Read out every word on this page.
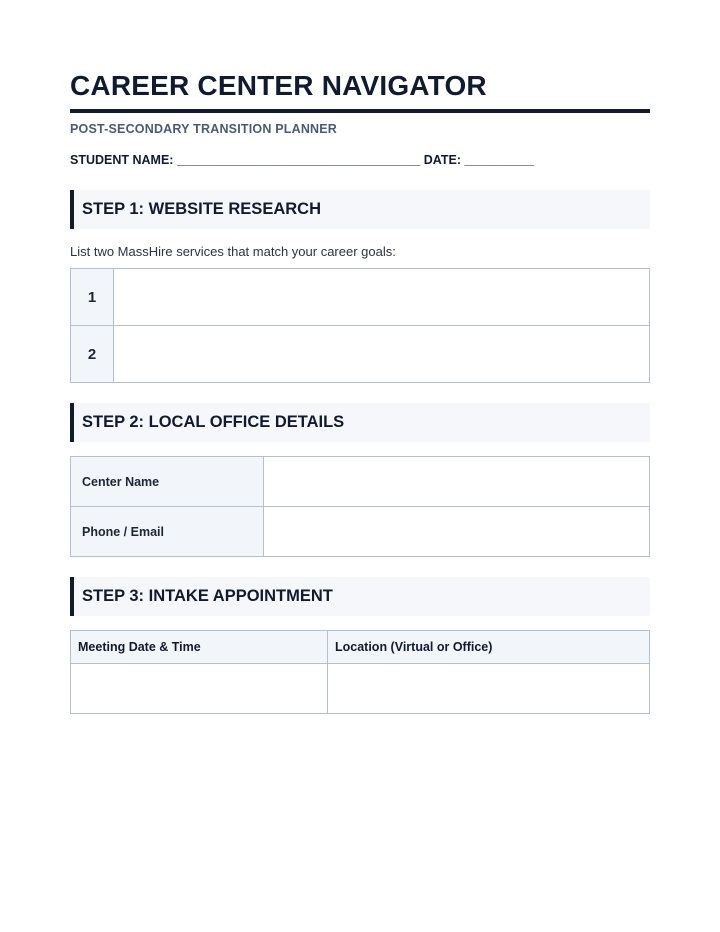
CAREER CENTER NAVIGATOR
POST-SECONDARY TRANSITION PLANNER
STUDENT NAME: ___________________________________ DATE: __________
STEP 1: WEBSITE RESEARCH
List two MassHire services that match your career goals:
1	
2	
STEP 2: LOCAL OFFICE DETAILS
Center Name	
Phone / Email	
STEP 3: INTAKE APPOINTMENT
Meeting Date & Time	Location (Virtual or Office)
